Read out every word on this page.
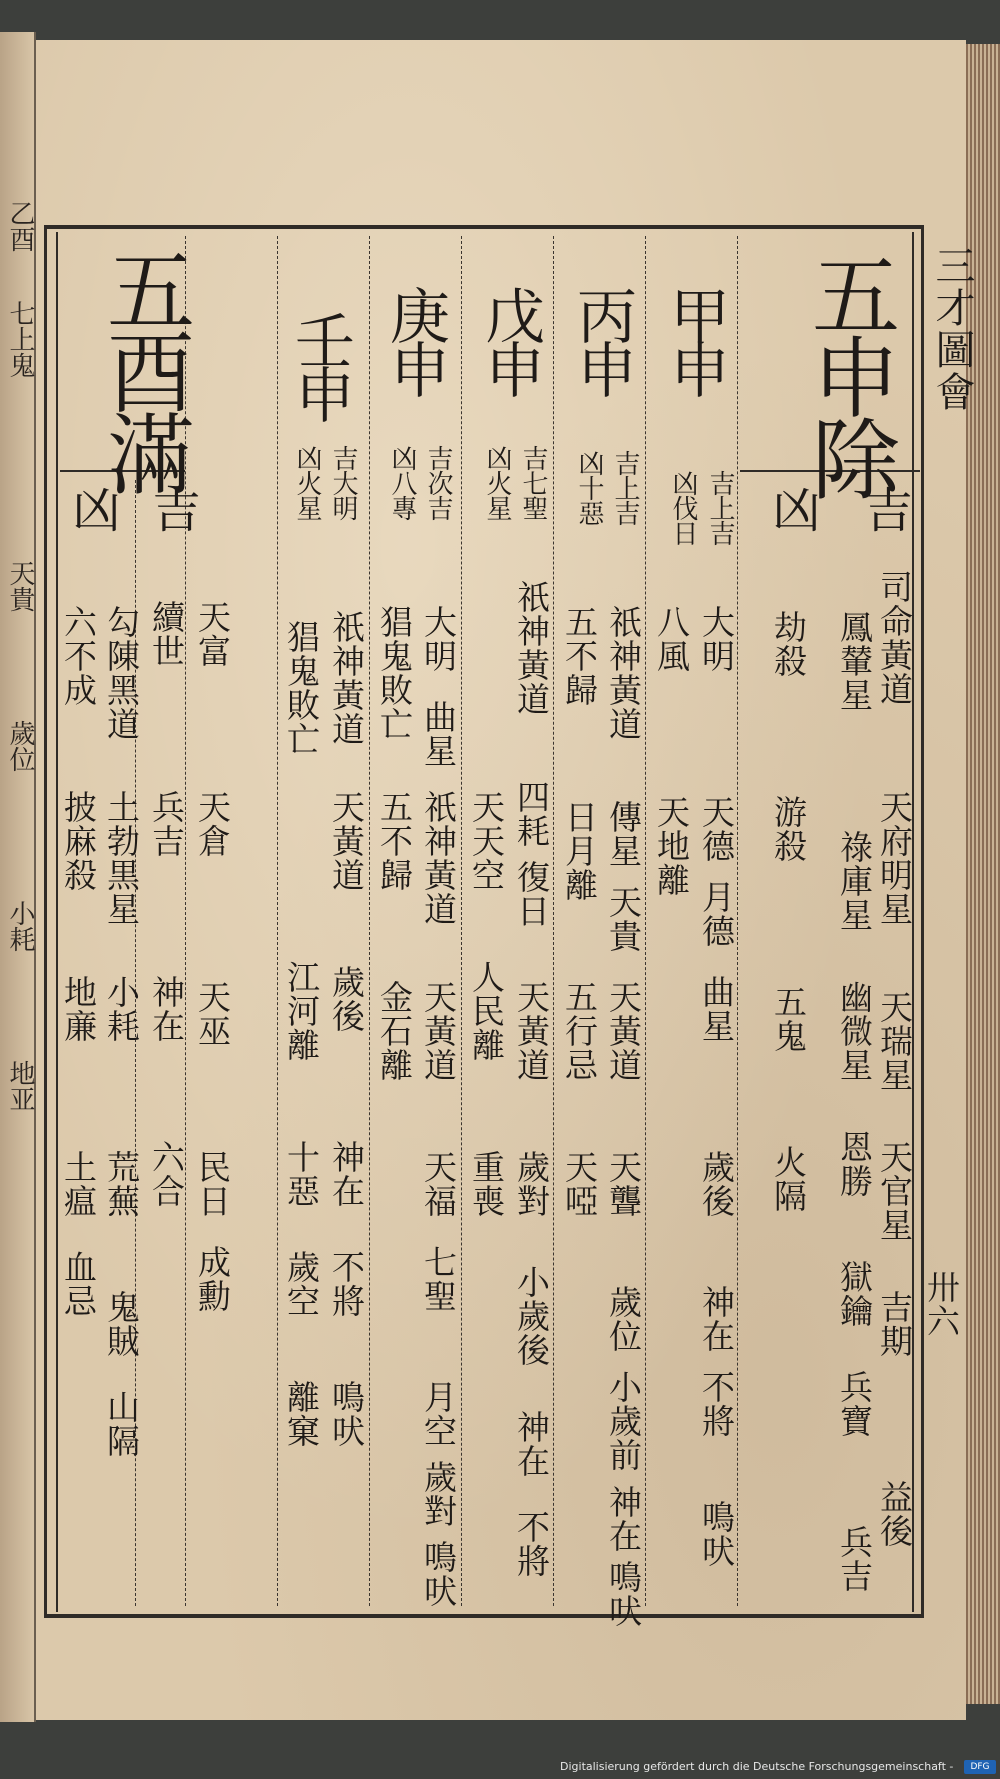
乙酉
七上鬼
天貴
歲位
小耗
地亚
三才圖會
五申除
吉
凶
司命黃道
天府明星
天瑞星
天官星
吉期
益後
鳳輦星
祿庫星
幽微星
恩勝
獄鑰
兵寶
兵吉
劫殺
游殺
五鬼
火隔
甲申
吉上吉
凶伐日
大明
八風
天德
天地離
月德
曲星
歲後
神在
不將
鳴吠
丙申
吉上吉
凶十惡
祇神黃道
五不歸
傳星
天貴
日月離
天黃道
五行忌
天聾
天啞
歲位
小歲前
神在
鳴吠
戊申
吉七聖
凶火星
祇神黃道
天天空 四耗
復日
人民離 天黃道
歲對
重喪
小歲後
神在
不將
庚申
吉次吉
凶八專
大明
曲星
猖鬼敗亡
祇神黃道
五不歸
天黃道
金石離
天福
七聖
月空
歲對
鳴吠
壬申
吉大明
凶火星
祇神黃道
天黃道
歲後
神在
不將
鳴吠
猖鬼敗亡
江河離
十惡
歲空
離窠
五酉滿
吉
凶
天富
天倉
天巫
民日
成勳
續世
兵吉
神在
六合
勾陳黑道
土勃黒星
小耗
荒蕪
鬼賊
山隔
六不成
披麻殺
地亷
土瘟
血忌	卅六
Digitalisierung gefördert durch die Deutsche Forschungsgemeinschaft -	DFG
